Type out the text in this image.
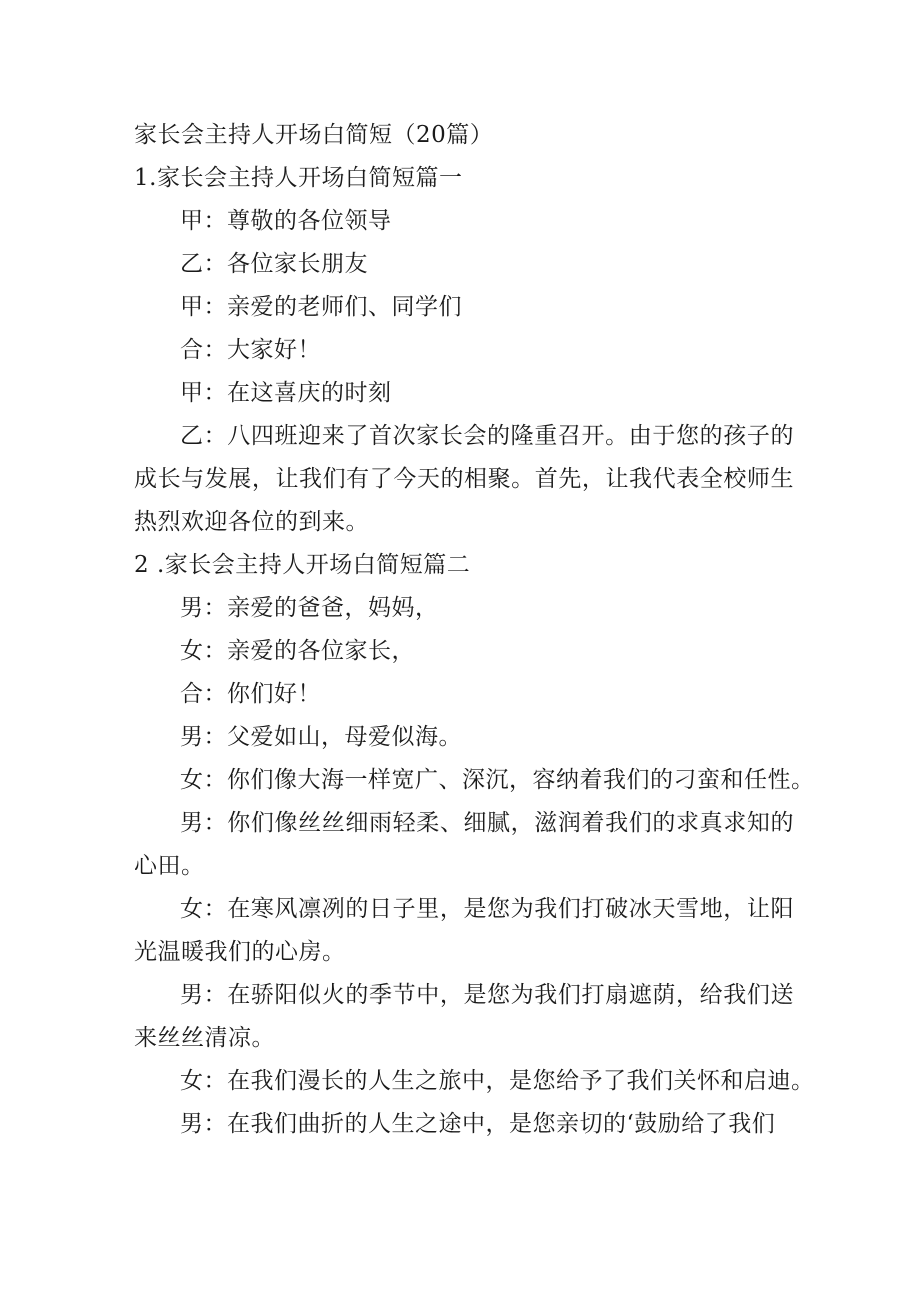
家长会主持人开场白简短（20篇）
1.家长会主持人开场白简短篇一
甲：尊敬的各位领导
乙：各位家长朋友
甲：亲爱的老师们、同学们
合：大家好！
甲：在这喜庆的时刻

乙：八四班迎来了首次家长会的隆重召开。由于您的孩子的成长与发展，让我们有了今天的相聚。首先，让我代表全校师生热烈欢迎各位的到来。

2 .家长会主持人开场白简短篇二
男：亲爱的爸爸，妈妈，
女：亲爱的各位家长，
合：你们好！
男：父爱如山，母爱似海。
女：你们像大海一样宽广、深沉，容纳着我们的刁蛮和任性。

男：你们像丝丝细雨轻柔、细腻，滋润着我们的求真求知的心田。

女：在寒风凛冽的日子里，是您为我们打破冰天雪地，让阳光温暖我们的心房。

男：在骄阳似火的季节中，是您为我们打扇遮荫，给我们送来丝丝清凉。

女：在我们漫长的人生之旅中，是您给予了我们关怀和启迪。
男：在我们曲折的人生之途中，是您亲切的‘鼓励给了我们
